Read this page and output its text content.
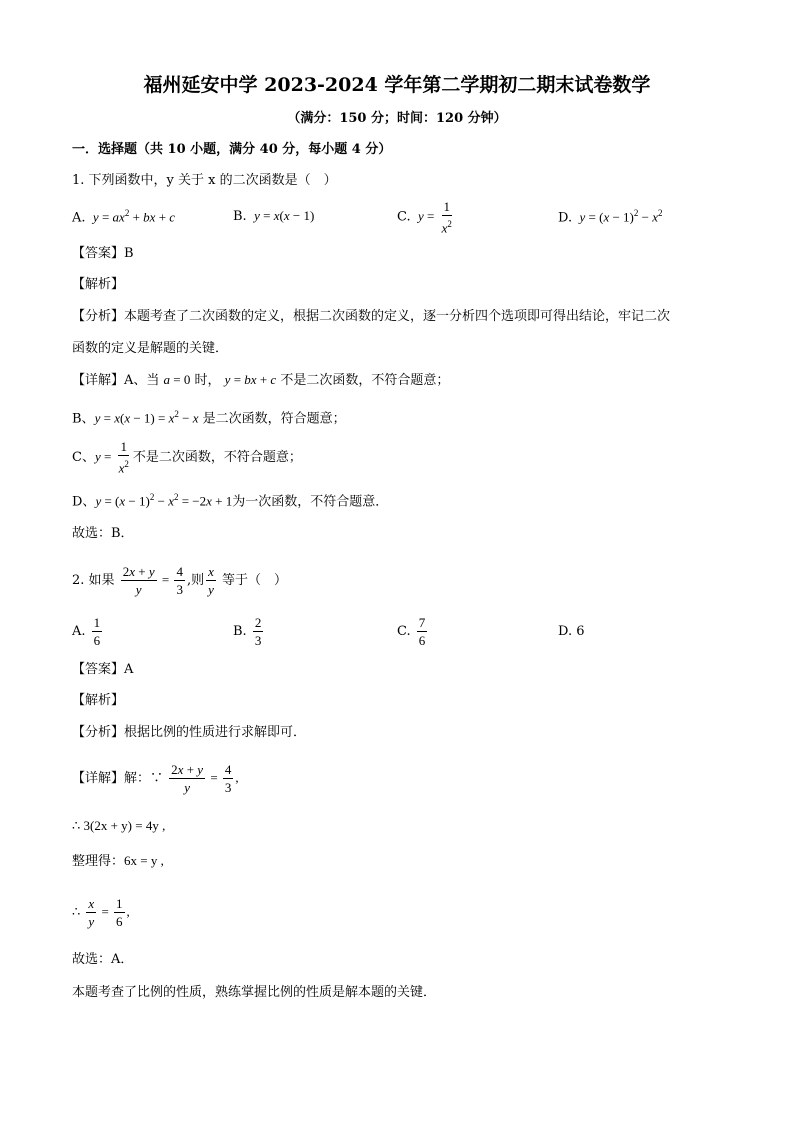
福州延安中学 2023-2024 学年第二学期初二期末试卷数学
（满分：150 分；时间：120 分钟）
一．选择题（共 10 小题，满分 40 分，每小题 4 分）
1. 下列函数中，y 关于 x 的二次函数是（　）
A.  $y = ax^2$ + bx + c	B.  y = x(x − 1)	C.  $y = \frac{1}{x^2}$	D.  $y = (x - 1)^2 - x^2$
【答案】B
【解析】
【分析】本题考查了二次函数的定义，根据二次函数的定义，逐一分析四个选项即可得出结论，牢记二次
函数的定义是解题的关键．
【详解】A、当 a = 0 时， y = bx + c 不是二次函数，不符合题意；
B、$y = x(x - 1) = x^2 - x$ 是二次函数，符合题意；
C、$y = \frac{1}{x^2}$ 不是二次函数，不符合题意；
D、$y = (x - 1)^2 - x^2 = -2x + 1$为一次函数，不符合题意．
故选：B．
2. 如果 $\frac{2x + y}{y} = \frac{4}{3}$ ,则 $\frac{x}{y}$ 等于（　）
A. $\frac{1}{6}$	B. $\frac{2}{3}$	C. $\frac{7}{6}$	D. 6
【答案】A
【解析】
【分析】根据比例的性质进行求解即可．
【详解】解：∵ $\frac{2x + y}{y} = \frac{4}{3}$ ,
∴ 3(2x + y) = 4y ,
整理得：6x = y ,
∴ $\frac{x}{y} = \frac{1}{6}$ ,
故选：A．
本题考查了比例的性质，熟练掌握比例的性质是解本题的关键．
